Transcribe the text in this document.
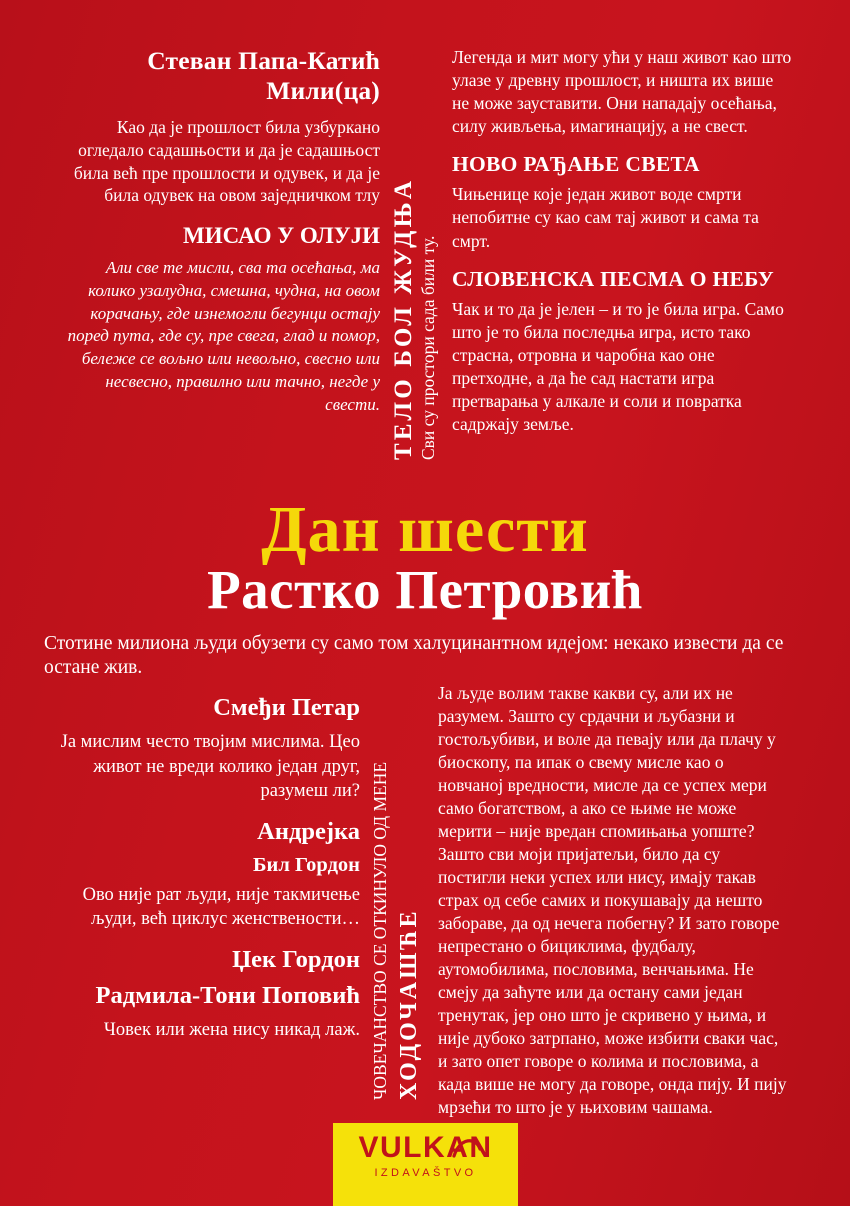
Стеван Папа-Катић
Мили(ца)

Као да је прошлост била узбуркано огледало садашњости и да је садашњост била већ пре прошлости и одувек, и да је била одувек на овом заједничком тлу

МИСАО У ОЛУЈИ

Али све те мисли, сва та осећања, ма колико узалудна, смешна, чудна, на овом корачању, где изнемогли бегунци остају поред пута, где су, пре свега, глад и помор, бележе се вољно или невољно, свесно или несвесно, правилно или тачно, негде у свести. ТЕЛО БОЛ ЖУДЊА Сви су простори сада били ту.

Легенда и мит могу ући у наш живот као што улазе у древну прошлост, и ништа их више не може зауставити. Они нападају осећања, силу живљења, имагинацију, а не свест.

НОВО РАЂАЊЕ СВЕТА

Чињенице које један живот воде смрти непобитне су као сам тај живот и сама та смрт.

СЛОВЕНСКА ПЕСМА О НЕБУ

Чак и то да је јелен – и то је била игра. Само што је то била последња игра, исто тако страсна, отровна и чаробна као оне претходне, а да ће сад настати игра претварања у алкале и соли и повратка садржају земље.

Дан шести
Растко Петровић
Стотине милиона људи обузети су само том халуцинантном идејом: некако извести да се остане жив.
Смеђи Петар

Ја мислим често твојим мислима. Цео живот не вреди колико један друг, разумеш ли?

Андрејка
Бил Гордон

Ово није рат људи, није такмичење људи, већ циклус женствености…

Џек Гордон
Радмила-Тони Поповић

Човек или жена нису никад лаж. ХОДОЧАШЋЕ
ЧОВЕЧАНСТВО СЕ ОТКИНУЛО ОД МЕНЕ

Ја људе волим такве какви су, али их не разумем. Зашто су срдачни и љубазни и гостољубиви, и воле да певају или да плачу у биоскопу, па ипак о свему мисле као о новчаној вредности, мисле да се успех мери само богатством, а ако се њиме не може мерити – није вредан спомињања уопште? Зашто сви моји пријатељи, било да су постигли неки успех или нису, имају такав страх од себе самих и покушавају да нешто забораве, да од нечега побегну? И зато говоре непрестано о бициклима, фудбалу, аутомобилима, пословима, венчањима. Не смеју да заћуте или да остану сами један тренутак, јер оно што је скривено у њима, и није дубоко затрпано, може избити сваки час, и зато опет говоре о колима и пословима, а када више не могу да говоре, онда пију. И пију мрзећи то што је у њиховим чашама.

VULKAN
IZDAVAŠTVO
